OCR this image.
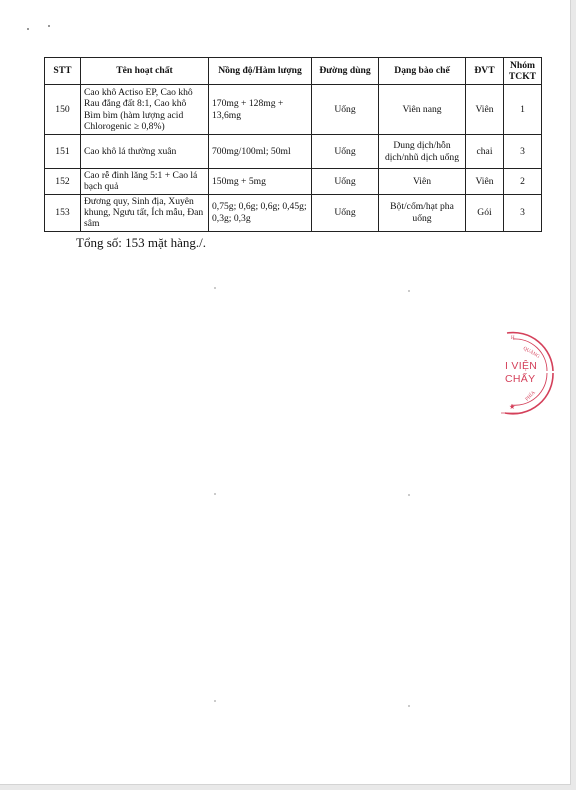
STT	Tên hoạt chất	Nồng độ/Hàm lượng	Đường dùng	Dạng bào chế	ĐVT	Nhóm TCKT
150	Cao khô Actiso EP, Cao khô Rau đắng đất 8:1, Cao khô Bìm bìm (hàm lượng acid Chlorogenic ≥ 0,8%)	170mg + 128mg + 13,6mg	Uống	Viên nang	Viên	1
151	Cao khô lá thường xuân	700mg/100ml; 50ml	Uống	Dung dịch/hỗn dịch/nhũ dịch uống	chai	3
152	Cao rễ đinh lăng 5:1 + Cao lá bạch quả	150mg + 5mg	Uống	Viên	Viên	2
153	Đương quy, Sinh địa, Xuyên khung, Ngưu tất, Ích mẫu, Đan sâm	0,75g; 0,6g; 0,6g; 0,45g; 0,3g; 0,3g	Uống	Bột/cốm/hạt pha uống	Gói	3
Tổng số: 153 mặt hàng./.
QUẢNG
PHÍA
★
H
I VIỆN
CHẤY
